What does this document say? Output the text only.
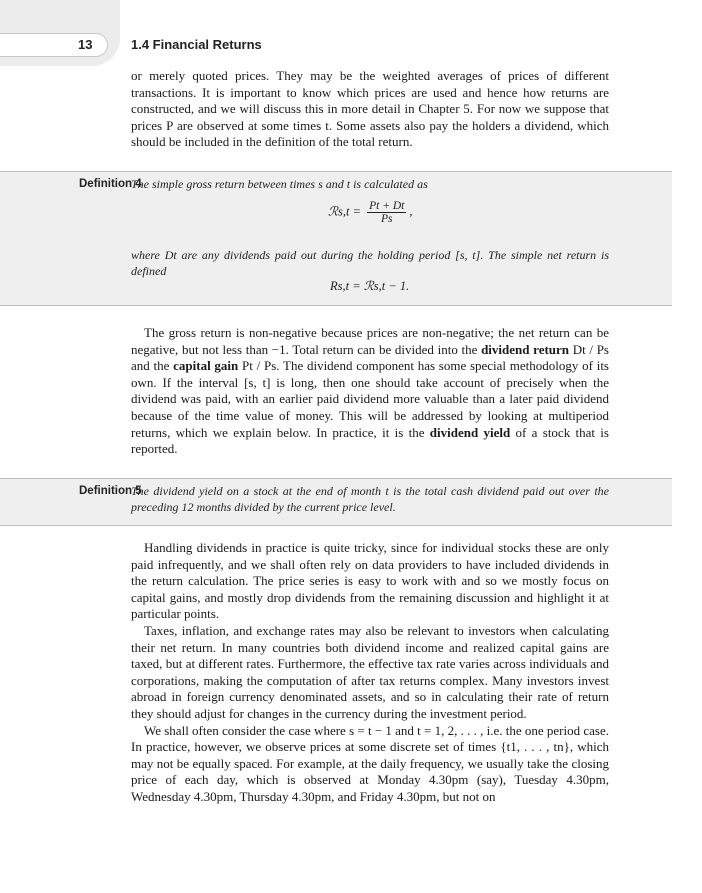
13	1.4 Financial Returns

or merely quoted prices. They may be the weighted averages of prices of different transactions. It is important to know which prices are used and hence how returns are constructed, and we will discuss this in more detail in Chapter 5. For now we suppose that prices P are observed at some times t. Some assets also pay the holders a dividend, which should be included in the definition of the total return.

Definition 4
The simple gross return between times s and t is calculated as
ℛs,t = $\frac{Pt + Dt}{Ps}$ ,
where Dt are any dividends paid out during the holding period [s, t]. The simple net return is defined
Rs,t = ℛs,t − 1.

The gross return is non-negative because prices are non-negative; the net return can be negative, but not less than −1. Total return can be divided into the dividend return Dt / Ps and the capital gain Pt / Ps. The dividend component has some special methodology of its own. If the interval [s, t] is long, then one should take account of precisely when the dividend was paid, with an earlier paid dividend more valuable than a later paid dividend because of the time value of money. This will be addressed by looking at multiperiod returns, which we explain below. In practice, it is the dividend yield of a stock that is reported.

Definition 5
The dividend yield on a stock at the end of month t is the total cash dividend paid out over the preceding 12 months divided by the current price level.

Handling dividends in practice is quite tricky, since for individual stocks these are only paid infrequently, and we shall often rely on data providers to have included dividends in the return calculation. The price series is easy to work with and so we mostly focus on capital gains, and mostly drop dividends from the remaining discussion and highlight it at particular points.

Taxes, inflation, and exchange rates may also be relevant to investors when calculating their net return. In many countries both dividend income and realized capital gains are taxed, but at different rates. Furthermore, the effective tax rate varies across individuals and corporations, making the computation of after tax returns complex. Many investors invest abroad in foreign currency denominated assets, and so in calculating their rate of return they should adjust for changes in the currency during the investment period.

We shall often consider the case where s = t − 1 and t = 1, 2, . . . , i.e. the one period case. In practice, however, we observe prices at some discrete set of times {t1, . . . , tn}, which may not be equally spaced. For example, at the daily frequency, we usually take the closing price of each day, which is observed at Monday 4.30pm (say), Tuesday 4.30pm, Wednesday 4.30pm, Thursday 4.30pm, and Friday 4.30pm, but not on
